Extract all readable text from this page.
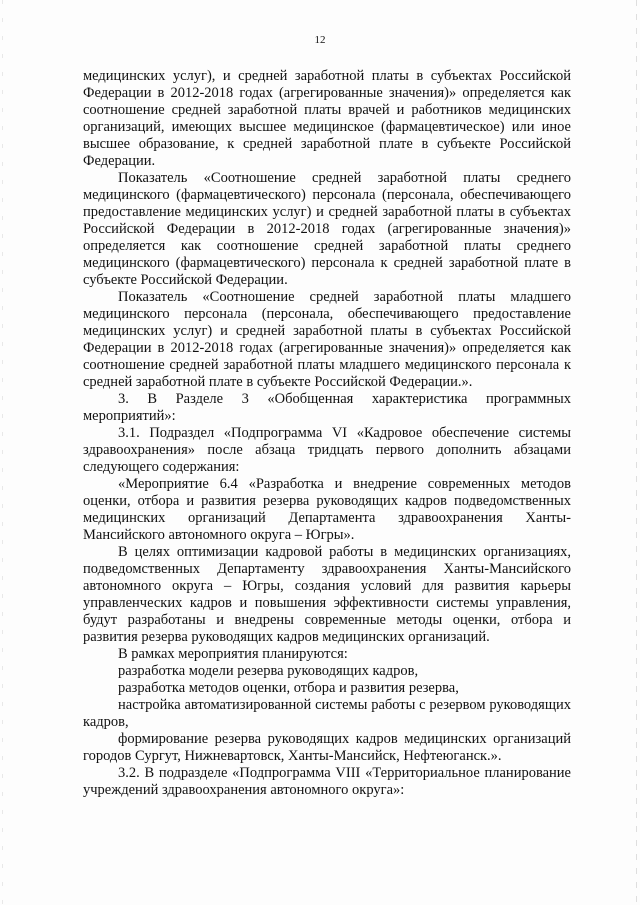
12

медицинских услуг), и средней заработной платы в субъектах Российской Федерации в 2012-2018 годах (агрегированные значения)» определяется как соотношение средней заработной платы врачей и работников медицинских организаций, имеющих высшее медицинское (фармацевтическое) или иное высшее образование, к средней заработной плате в субъекте Российской Федерации.

Показатель «Соотношение средней заработной платы среднего медицинского (фармацевтического) персонала (персонала, обеспечивающего предоставление медицинских услуг) и средней заработной платы в субъектах Российской Федерации в 2012-2018 годах (агрегированные значения)» определяется как соотношение средней заработной платы среднего медицинского (фармацевтического) персонала к средней заработной плате в субъекте Российской Федерации.

Показатель «Соотношение средней заработной платы младшего медицинского персонала (персонала, обеспечивающего предоставление медицинских услуг) и средней заработной платы в субъектах Российской Федерации в 2012-2018 годах (агрегированные значения)» определяется как соотношение средней заработной платы младшего медицинского персонала к средней заработной плате в субъекте Российской Федерации.».

3. В Разделе 3 «Обобщенная характеристика программных мероприятий»:

3.1. Подраздел «Подпрограмма VI «Кадровое обеспечение системы здравоохранения» после абзаца тридцать первого дополнить абзацами следующего содержания:

«Мероприятие 6.4 «Разработка и внедрение современных методов оценки, отбора и развития резерва руководящих кадров подведомственных медицинских организаций Департамента здравоохранения Ханты-Мансийского автономного округа – Югры».

В целях оптимизации кадровой работы в медицинских организациях, подведомственных Департаменту здравоохранения Ханты-Мансийского автономного округа – Югры, создания условий для развития карьеры управленческих кадров и повышения эффективности системы управления, будут разработаны и внедрены современные методы оценки, отбора и развития резерва руководящих кадров медицинских организаций.

В рамках мероприятия планируются:

разработка модели резерва руководящих кадров,

разработка методов оценки, отбора и развития резерва,

настройка автоматизированной системы работы с резервом руководящих кадров,

формирование резерва руководящих кадров медицинских организаций городов Сургут, Нижневартовск, Ханты-Мансийск, Нефтеюганск.».

3.2. В подразделе «Подпрограмма VIII «Территориальное планирование учреждений здравоохранения автономного округа»:
